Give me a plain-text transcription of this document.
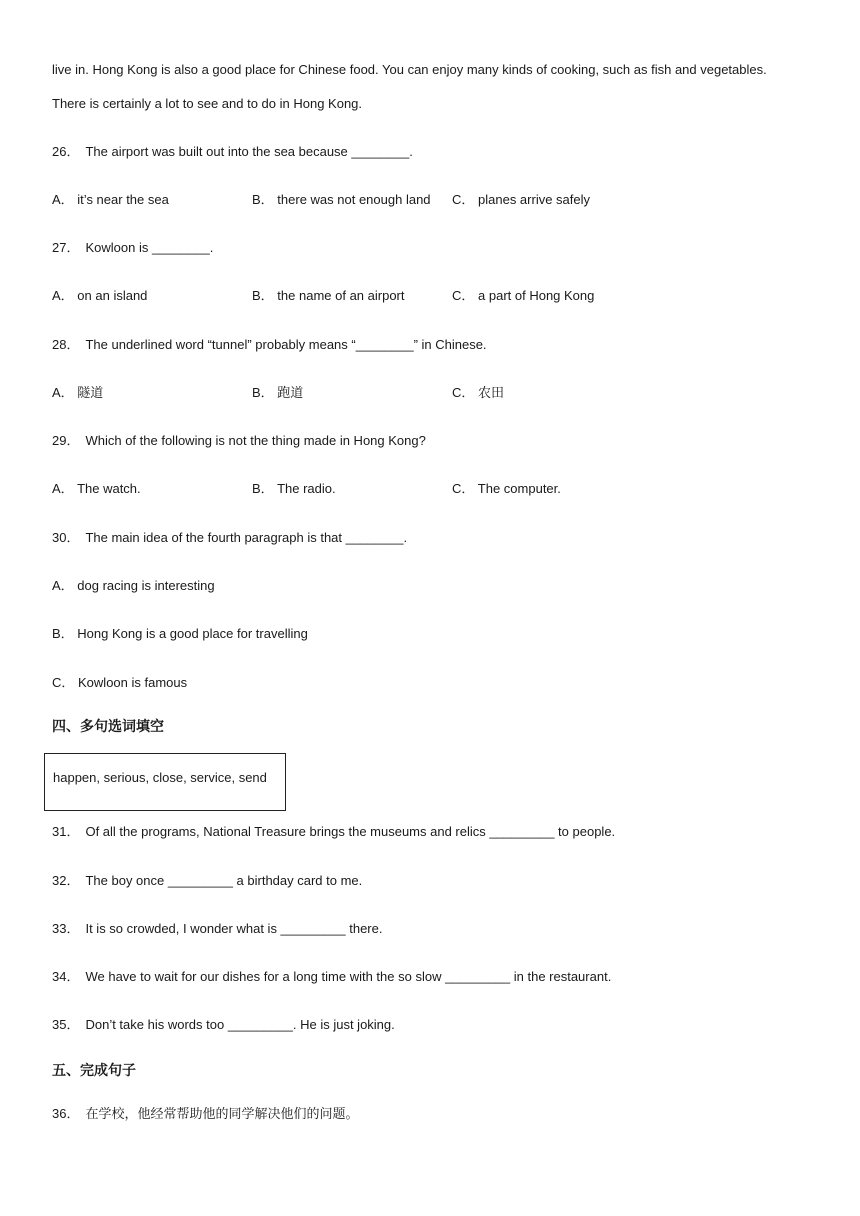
live in. Hong Kong is also a good place for Chinese food. You can enjoy many kinds of cooking, such as fish and vegetables.
There is certainly a lot to see and to do in Hong Kong.
26． The airport was built out into the sea because ________.
A． it’s near the sea	B． there was not enough land C． planes arrive safely
27． Kowloon is ________.
A． on an island	B． the name of an airport	C． a part of Hong Kong
28． The underlined word “tunnel” probably means “________” in Chinese.
A． 隧道	B． 跑道	C． 农田
29． Which of the following is not the thing made in Hong Kong?
A． The watch.	B． The radio.	C． The computer.
30． The main idea of the fourth paragraph is that ________.
A． dog racing is interesting
B． Hong Kong is a good place for travelling
C． Kowloon is famous
四、多句选词填空
happen, serious, close, service, send
31． Of all the programs, National Treasure brings the museums and relics _________ to people.
32． The boy once _________ a birthday card to me.
33． It is so crowded, I wonder what is _________ there.
34． We have to wait for our dishes for a long time with the so slow _________ in the restaurant.
35． Don’t take his words too _________. He is just joking.
五、完成句子
36． 在学校，他经常帮助他的同学解决他们的问题。
